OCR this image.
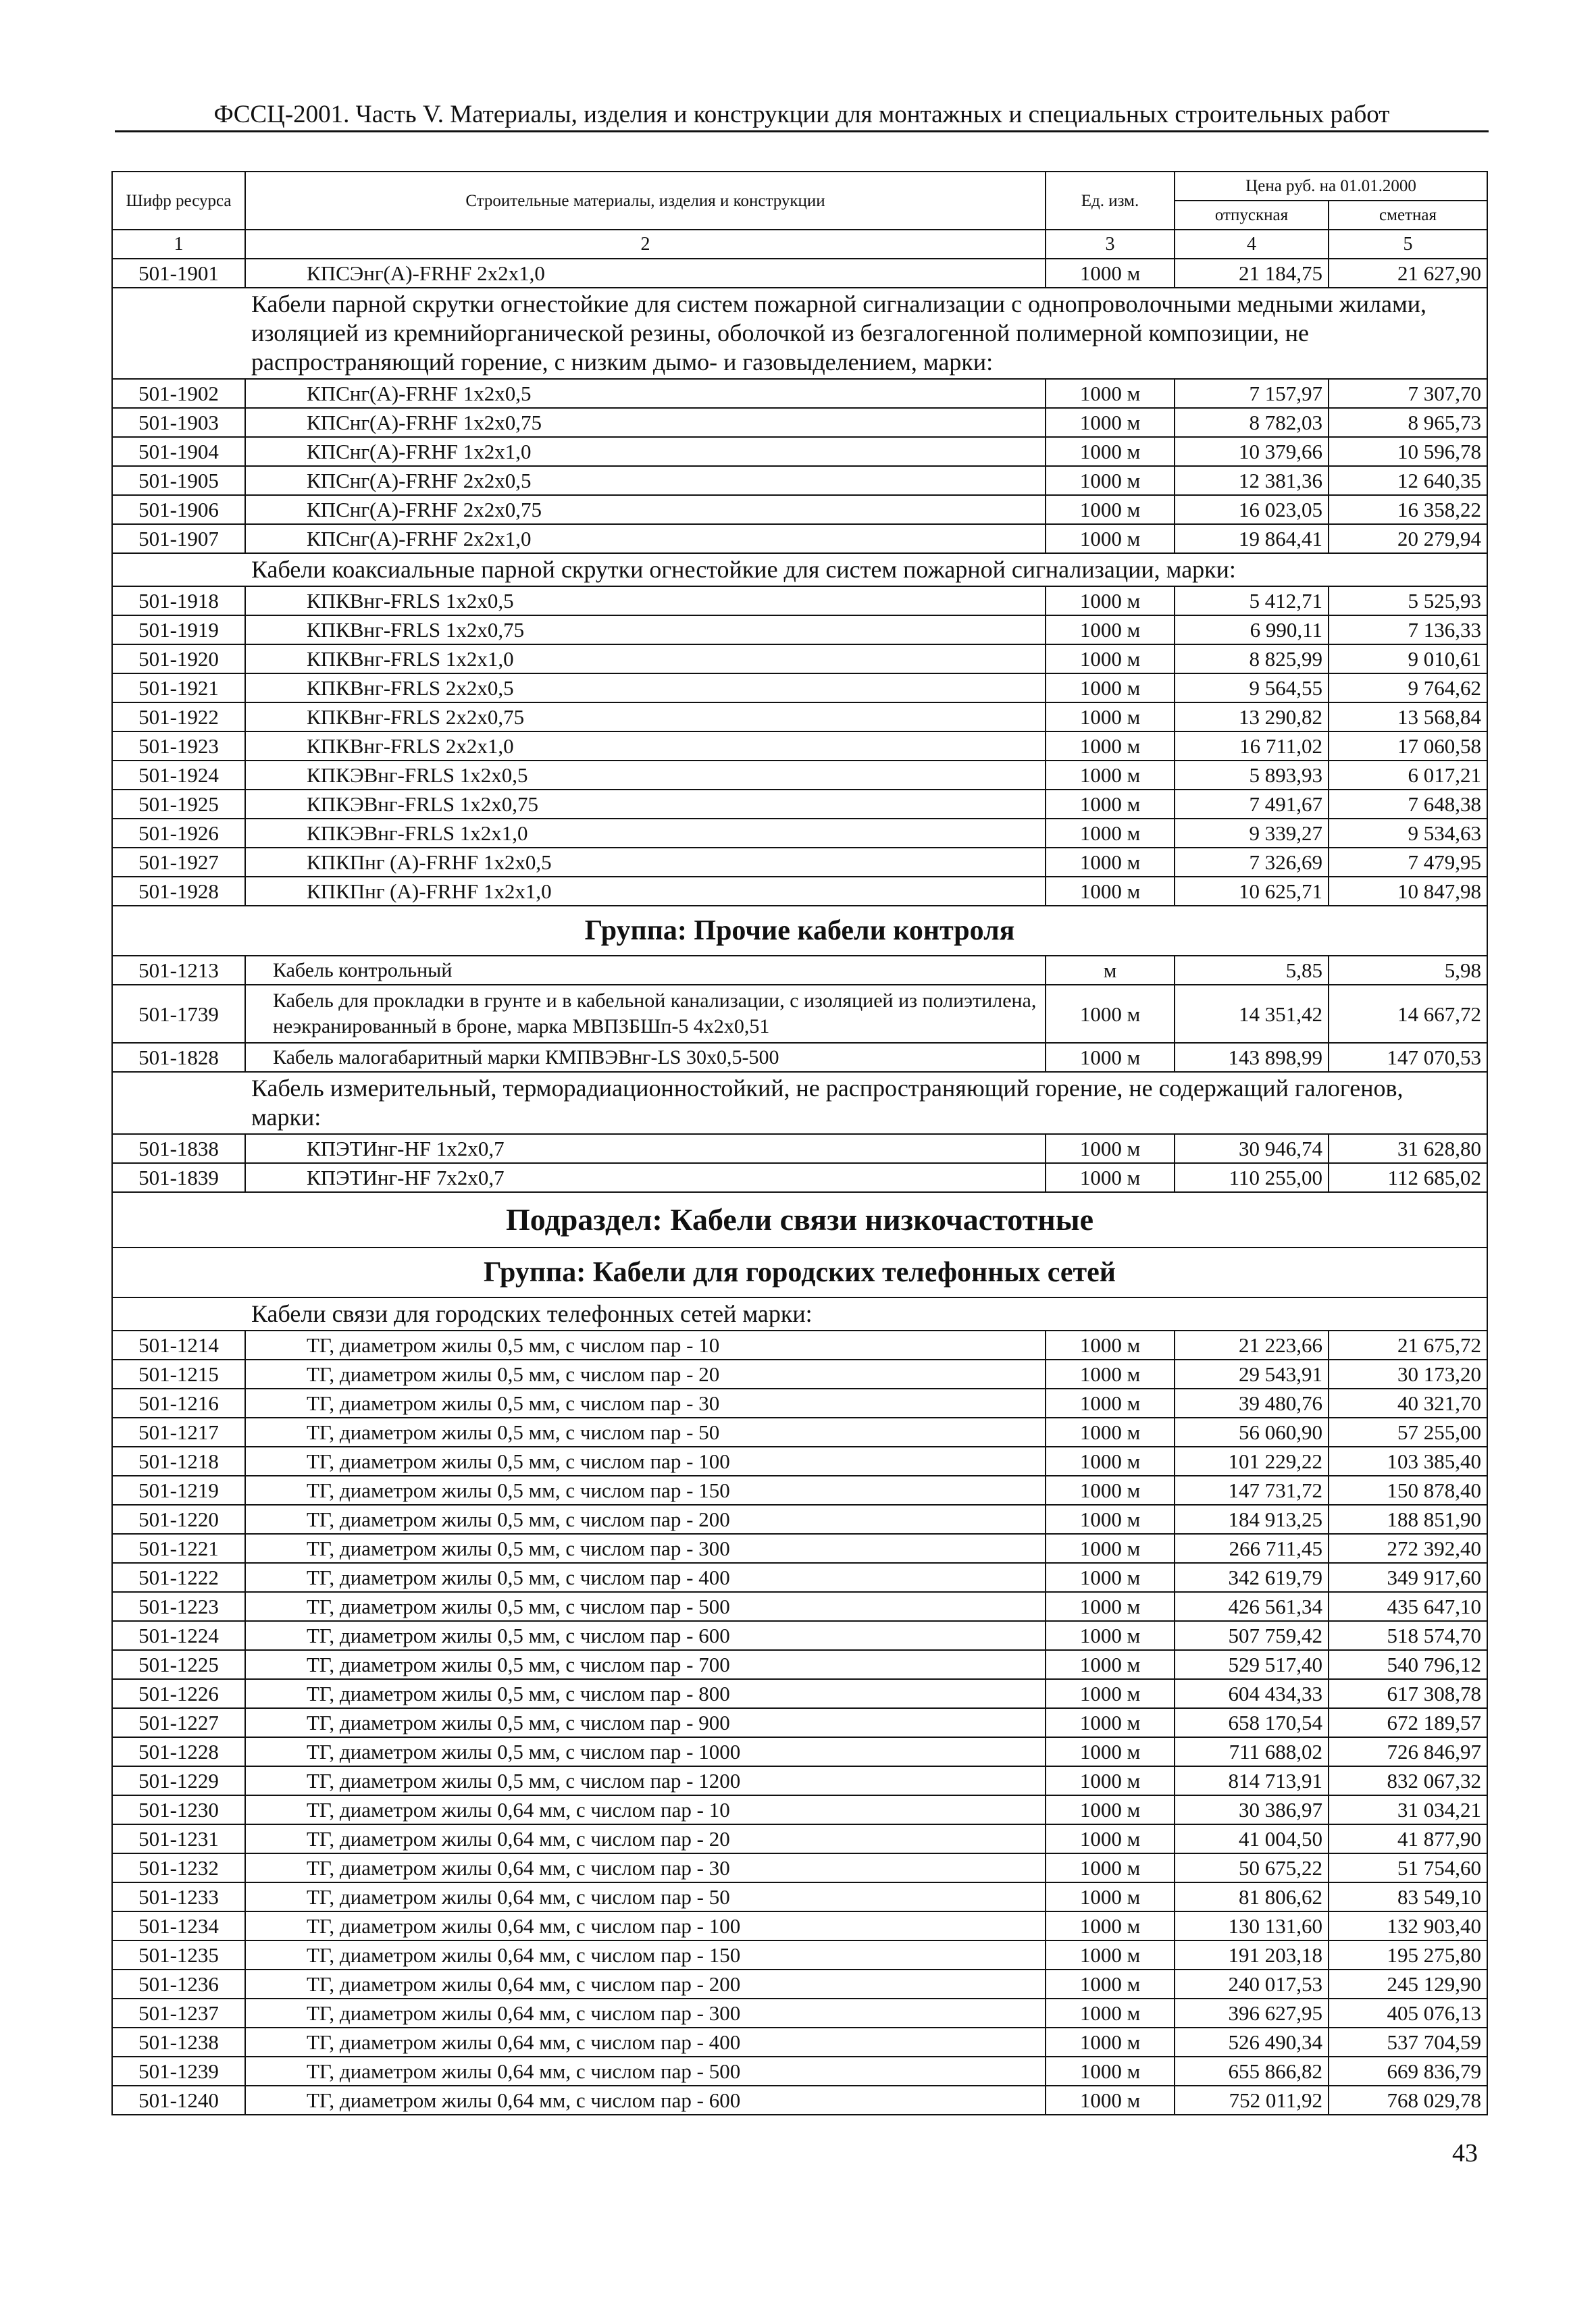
ФССЦ-2001. Часть V. Материалы, изделия и конструкции для монтажных и специальных строительных работ
Шифр ресурса	Строительные материалы, изделия и конструкции	Ед. изм.	Цена руб. на 01.01.2000	
			отпускная	сметная
1	2	3	4	5
501-1901	КПСЭнг(А)-FRHF 2x2x1,0	1000 м	21 184,75	21 627,90
Кабели парной скрутки огнестойкие для систем пожарной сигнализации с однопроволочными медными жилами, изоляцией из кремнийорганической резины, оболочкой из безгалогенной полимерной композиции, не распространяющий горение, с низким дымо- и газовыделением, марки:				
501-1902	КПСнг(А)-FRHF 1x2x0,5	1000 м	7 157,97	7 307,70
501-1903	КПСнг(А)-FRHF 1x2x0,75	1000 м	8 782,03	8 965,73
501-1904	КПСнг(А)-FRHF 1x2x1,0	1000 м	10 379,66	10 596,78
501-1905	КПСнг(А)-FRHF 2x2x0,5	1000 м	12 381,36	12 640,35
501-1906	КПСнг(А)-FRHF 2x2x0,75	1000 м	16 023,05	16 358,22
501-1907	КПСнг(А)-FRHF 2x2x1,0	1000 м	19 864,41	20 279,94
Кабели коаксиальные парной скрутки огнестойкие для систем пожарной сигнализации, марки:				
501-1918	КПКВнг-FRLS 1x2x0,5	1000 м	5 412,71	5 525,93
501-1919	КПКВнг-FRLS 1x2x0,75	1000 м	6 990,11	7 136,33
501-1920	КПКВнг-FRLS 1x2x1,0	1000 м	8 825,99	9 010,61
501-1921	КПКВнг-FRLS 2x2x0,5	1000 м	9 564,55	9 764,62
501-1922	КПКВнг-FRLS 2x2x0,75	1000 м	13 290,82	13 568,84
501-1923	КПКВнг-FRLS 2x2x1,0	1000 м	16 711,02	17 060,58
501-1924	КПКЭВнг-FRLS 1x2x0,5	1000 м	5 893,93	6 017,21
501-1925	КПКЭВнг-FRLS 1x2x0,75	1000 м	7 491,67	7 648,38
501-1926	КПКЭВнг-FRLS 1x2x1,0	1000 м	9 339,27	9 534,63
501-1927	КПКПнг (А)-FRHF 1x2x0,5	1000 м	7 326,69	7 479,95
501-1928	КПКПнг (А)-FRHF 1x2x1,0	1000 м	10 625,71	10 847,98
Группа: Прочие кабели контроля				
501-1213	Кабель контрольный	м	5,85	5,98
501-1739	Кабель для прокладки в грунте и в кабельной канализации, с изоляцией из полиэтилена, неэкранированный в броне, марка МВПЗБШп-5 4x2x0,51	1000 м	14 351,42	14 667,72
501-1828	Кабель малогабаритный марки КМПВЭВнг-LS 30x0,5-500	1000 м	143 898,99	147 070,53
Кабель измерительный, терморадиационностойкий, не распространяющий горение, не содержащий галогенов, марки:				
501-1838	КПЭТИнг-HF 1x2x0,7	1000 м	30 946,74	31 628,80
501-1839	КПЭТИнг-HF 7x2x0,7	1000 м	110 255,00	112 685,02
Подраздел: Кабели связи низкочастотные				
Группа: Кабели для городских телефонных сетей				
Кабели связи для городских телефонных сетей марки:				
501-1214	ТГ, диаметром жилы 0,5 мм, с числом пар - 10	1000 м	21 223,66	21 675,72
501-1215	ТГ, диаметром жилы 0,5 мм, с числом пар - 20	1000 м	29 543,91	30 173,20
501-1216	ТГ, диаметром жилы 0,5 мм, с числом пар - 30	1000 м	39 480,76	40 321,70
501-1217	ТГ, диаметром жилы 0,5 мм, с числом пар - 50	1000 м	56 060,90	57 255,00
501-1218	ТГ, диаметром жилы 0,5 мм, с числом пар - 100	1000 м	101 229,22	103 385,40
501-1219	ТГ, диаметром жилы 0,5 мм, с числом пар - 150	1000 м	147 731,72	150 878,40
501-1220	ТГ, диаметром жилы 0,5 мм, с числом пар - 200	1000 м	184 913,25	188 851,90
501-1221	ТГ, диаметром жилы 0,5 мм, с числом пар - 300	1000 м	266 711,45	272 392,40
501-1222	ТГ, диаметром жилы 0,5 мм, с числом пар - 400	1000 м	342 619,79	349 917,60
501-1223	ТГ, диаметром жилы 0,5 мм, с числом пар - 500	1000 м	426 561,34	435 647,10
501-1224	ТГ, диаметром жилы 0,5 мм, с числом пар - 600	1000 м	507 759,42	518 574,70
501-1225	ТГ, диаметром жилы 0,5 мм, с числом пар - 700	1000 м	529 517,40	540 796,12
501-1226	ТГ, диаметром жилы 0,5 мм, с числом пар - 800	1000 м	604 434,33	617 308,78
501-1227	ТГ, диаметром жилы 0,5 мм, с числом пар - 900	1000 м	658 170,54	672 189,57
501-1228	ТГ, диаметром жилы 0,5 мм, с числом пар - 1000	1000 м	711 688,02	726 846,97
501-1229	ТГ, диаметром жилы 0,5 мм, с числом пар - 1200	1000 м	814 713,91	832 067,32
501-1230	ТГ, диаметром жилы 0,64 мм, с числом пар - 10	1000 м	30 386,97	31 034,21
501-1231	ТГ, диаметром жилы 0,64 мм, с числом пар - 20	1000 м	41 004,50	41 877,90
501-1232	ТГ, диаметром жилы 0,64 мм, с числом пар - 30	1000 м	50 675,22	51 754,60
501-1233	ТГ, диаметром жилы 0,64 мм, с числом пар - 50	1000 м	81 806,62	83 549,10
501-1234	ТГ, диаметром жилы 0,64 мм, с числом пар - 100	1000 м	130 131,60	132 903,40
501-1235	ТГ, диаметром жилы 0,64 мм, с числом пар - 150	1000 м	191 203,18	195 275,80
501-1236	ТГ, диаметром жилы 0,64 мм, с числом пар - 200	1000 м	240 017,53	245 129,90
501-1237	ТГ, диаметром жилы 0,64 мм, с числом пар - 300	1000 м	396 627,95	405 076,13
501-1238	ТГ, диаметром жилы 0,64 мм, с числом пар - 400	1000 м	526 490,34	537 704,59
501-1239	ТГ, диаметром жилы 0,64 мм, с числом пар - 500	1000 м	655 866,82	669 836,79
501-1240	ТГ, диаметром жилы 0,64 мм, с числом пар - 600	1000 м	752 011,92	768 029,78
43
